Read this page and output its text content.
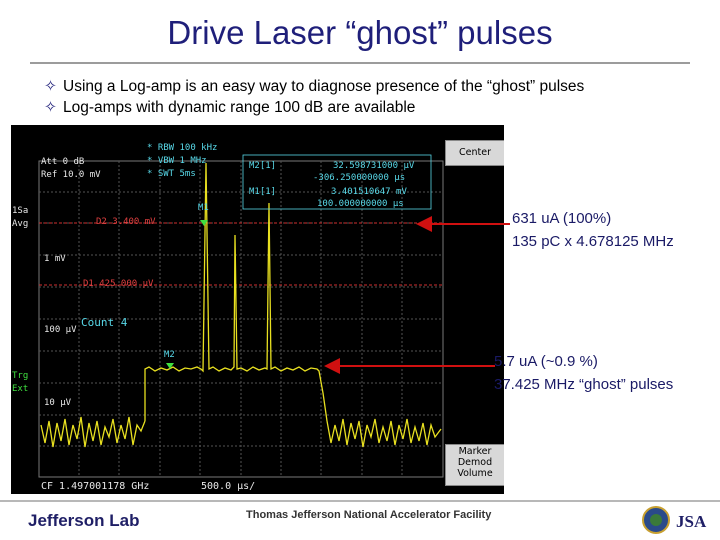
Drive Laser “ghost” pulses
✧ Using a Log-amp is an easy way to diagnose presence of the “ghost” pulses
✧ Log-amps with dynamic range 100 dB are available
* RBW 100 kHz
* VBW 1 MHz
* SWT 5ms
Att 0 dB
Ref 10.0 mV
1Sa
Avg
M2[1]	32.598731000 µV
-306.250000000 µs
M1[1]	3.401510647 mV
100.000000000 µs
D2 3.400 mV
1 mV
D1 425.000 µV
Count 4
100 µV
M1
M2
Trg
Ext
10 µV
CF 1.497001178 GHz	500.0 µs/
Center
Marker
Demod
Volume
631 uA (100%)
135 pC x 4.678125 MHz
5.7 uA (~0.9 %)
37.425 MHz “ghost” pulses
Jefferson Lab	Thomas Jefferson National Accelerator Facility	JSA
